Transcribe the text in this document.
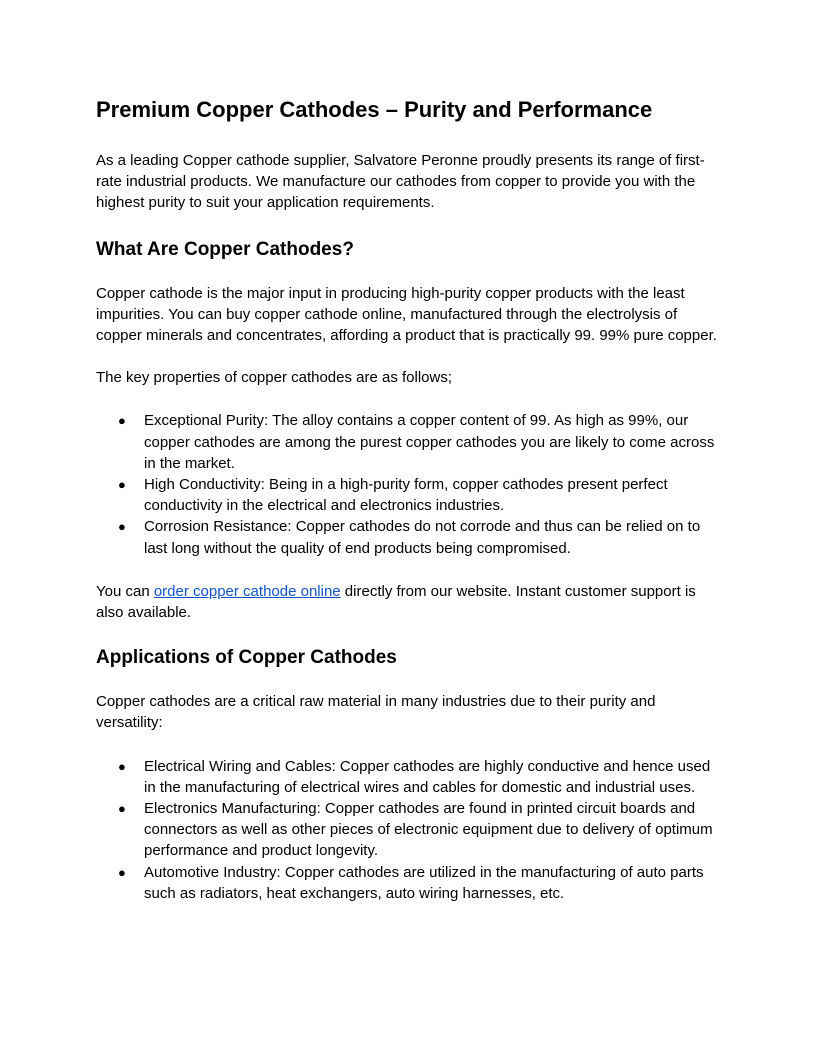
Premium Copper Cathodes – Purity and Performance

As a leading Copper cathode supplier, Salvatore Peronne proudly presents its range of first-rate industrial products. We manufacture our cathodes from copper to provide you with the highest purity to suit your application requirements.

What Are Copper Cathodes?

Copper cathode is the major input in producing high-purity copper products with the least impurities. You can buy copper cathode online, manufactured through the electrolysis of copper minerals and concentrates, affording a product that is practically 99. 99% pure copper.

The key properties of copper cathodes are as follows;

● Exceptional Purity: The alloy contains a copper content of 99. As high as 99%, our copper cathodes are among the purest copper cathodes you are likely to come across in the market.
● High Conductivity: Being in a high-purity form, copper cathodes present perfect conductivity in the electrical and electronics industries.
● Corrosion Resistance: Copper cathodes do not corrode and thus can be relied on to last long without the quality of end products being compromised.

You can order copper cathode online directly from our website. Instant customer support is also available.

Applications of Copper Cathodes

Copper cathodes are a critical raw material in many industries due to their purity and versatility:

● Electrical Wiring and Cables: Copper cathodes are highly conductive and hence used in the manufacturing of electrical wires and cables for domestic and industrial uses.
● Electronics Manufacturing: Copper cathodes are found in printed circuit boards and connectors as well as other pieces of electronic equipment due to delivery of optimum performance and product longevity.
● Automotive Industry: Copper cathodes are utilized in the manufacturing of auto parts such as radiators, heat exchangers, auto wiring harnesses, etc.
